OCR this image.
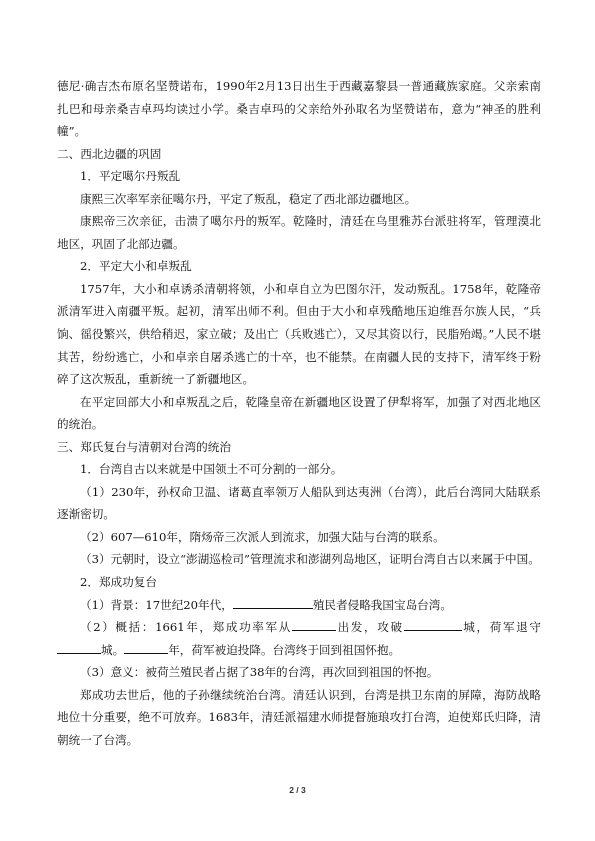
德尼·确吉杰布原名坚赞诺布，1990年2月13日出生于西藏嘉黎县一普通藏族家庭。父亲索南扎巴和母亲桑吉卓玛均读过小学。桑吉卓玛的父亲给外孙取名为坚赞诺布，意为“神圣的胜利幢”。

二、西北边疆的巩固

1．平定噶尔丹叛乱

康熙三次率军亲征噶尔丹，平定了叛乱，稳定了西北部边疆地区。

康熙帝三次亲征，击溃了噶尔丹的叛军。乾隆时，清廷在乌里雅苏台派驻将军，管理漠北地区，巩固了北部边疆。

2．平定大小和卓叛乱

1757年，大小和卓诱杀清朝将领，小和卓自立为巴图尔汗，发动叛乱。1758年，乾隆帝派清军进入南疆平叛。起初，清军出师不利。但由于大小和卓残酷地压迫维吾尔族人民，“兵饷、徭役繁兴，供给稍迟，家立破；及出亡（兵败逃亡），又尽其资以行，民脂殆竭。”人民不堪其苦，纷纷逃亡，小和卓亲自屠杀逃亡的十卒，也不能禁。在南疆人民的支持下，清军终于粉碎了这次叛乱，重新统一了新疆地区。

在平定回部大小和卓叛乱之后，乾隆皇帝在新疆地区设置了伊犁将军，加强了对西北地区的统治。

三、郑氏复台与清朝对台湾的统治

1．台湾自古以来就是中国领土不可分割的一部分。

（1）230年，孙权命卫温、诸葛直率领万人船队到达夷洲（台湾），此后台湾同大陆联系逐渐密切。

（2）607—610年，隋炀帝三次派人到流求，加强大陆与台湾的联系。

（3）元朝时，设立“澎湖巡检司”管理流求和澎湖列岛地区，证明台湾自古以来属于中国。

2．郑成功复台

（1）背景：17世纪20年代，	殖民者侵略我国宝岛台湾。

（2）概括：1661年，郑成功率军从	出发，攻破	城，荷军退守城。	年，荷军被迫投降。台湾终于回到祖国怀抱。

（3）意义：被荷兰殖民者占据了38年的台湾，再次回到祖国的怀抱。

郑成功去世后，他的子孙继续统治台湾。清廷认识到，台湾是拱卫东南的屏障，海防战略地位十分重要，绝不可放弃。1683年，清廷派福建水师提督施琅攻打台湾，迫使郑氏归降，清朝统一了台湾。

2 / 3
